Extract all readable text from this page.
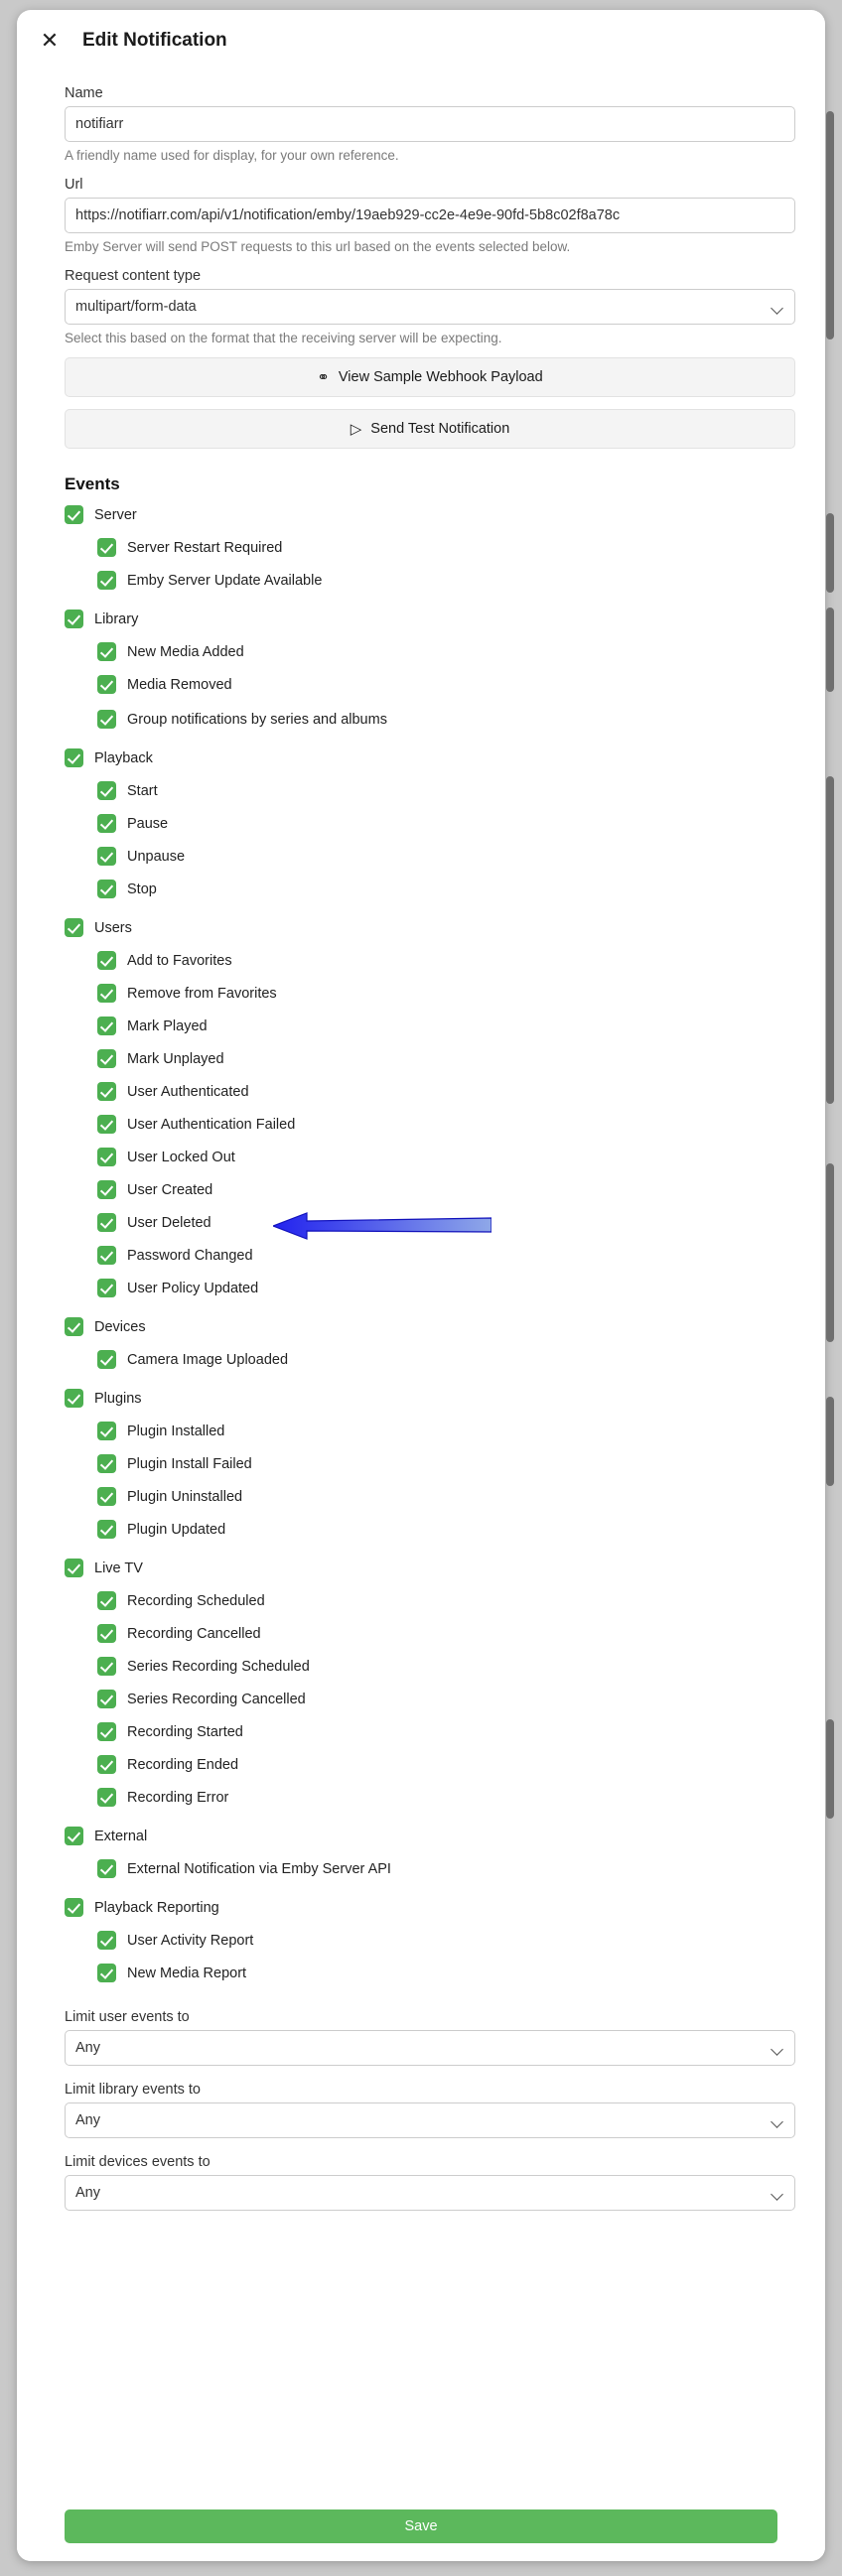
✕	Edit Notification
Name
notifiarr
A friendly name used for display, for your own reference.
Url
https://notifiarr.com/api/v1/notification/emby/19aeb929-cc2e-4e9e-90fd-5b8c02f8a78c
Emby Server will send POST requests to this url based on the events selected below.
Request content type
multipart/form-data
Select this based on the format that the receiving server will be expecting.
⚭ View Sample Webhook Payload
▷ Send Test Notification
Events
Server
Server Restart Required
Emby Server Update Available
Library
New Media Added
Media Removed
Group notifications by series and albums
Playback
Start
Pause
Unpause
Stop
Users
Add to Favorites
Remove from Favorites
Mark Played
Mark Unplayed
User Authenticated
User Authentication Failed
User Locked Out
User Created
User Deleted
Password Changed
User Policy Updated
Devices
Camera Image Uploaded
Plugins
Plugin Installed
Plugin Install Failed
Plugin Uninstalled
Plugin Updated
Live TV
Recording Scheduled
Recording Cancelled
Series Recording Scheduled
Series Recording Cancelled
Recording Started
Recording Ended
Recording Error
External
External Notification via Emby Server API
Playback Reporting
User Activity Report
New Media Report
Limit user events to
Any
Limit library events to
Any
Limit devices events to
Any
Save
